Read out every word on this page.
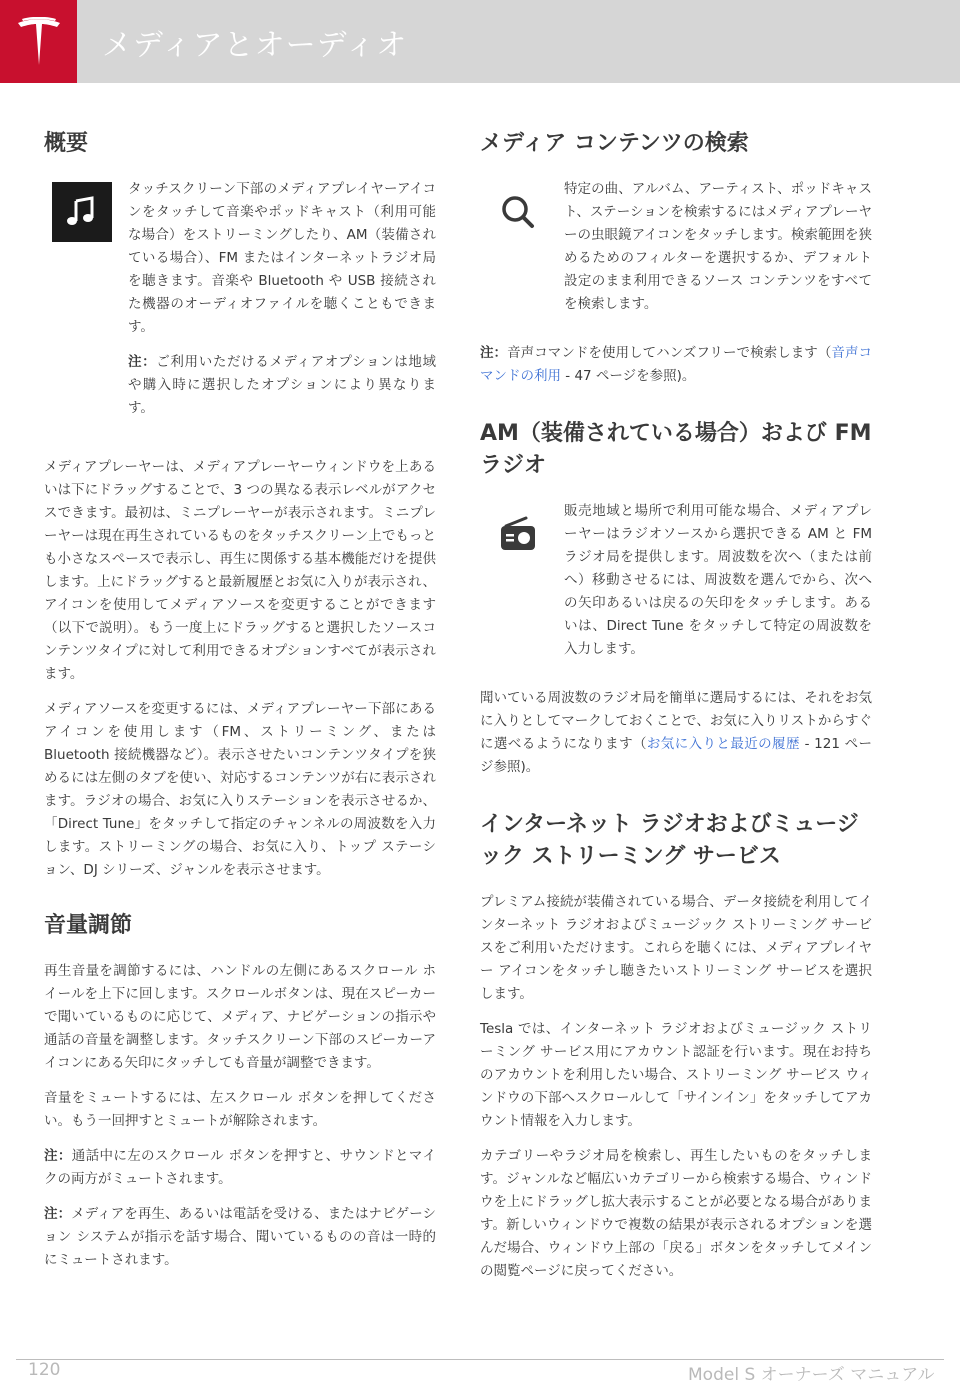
メディアとオーディオ
概要

タッチスクリーン下部のメディアプレイヤーアイコンをタッチして音楽やポッドキャスト（利用可能な場合）をストリーミングしたり、AM（装備されている場合）、FM またはインターネットラジオ局を聴きます。音楽や Bluetooth や USB 接続された機器のオーディオファイルを聴くこともできます。

注：ご利用いただけるメディアオプションは地域や購入時に選択したオプションにより異なります。

メディアプレーヤーは、メディアプレーヤーウィンドウを上あるいは下にドラッグすることで、3 つの異なる表示レベルがアクセスできます。最初は、ミニプレーヤーが表示されます。ミニプレーヤーは現在再生されているものをタッチスクリーン上でもっとも小さなスペースで表示し、再生に関係する基本機能だけを提供します。上にドラッグすると最新履歴とお気に入りが表示され、アイコンを使用してメディアソースを変更することができます（以下で説明）。もう一度上にドラッグすると選択したソースコンテンツタイプに対して利用できるオプションすべてが表示されます。

メディアソースを変更するには、メディアプレーヤー下部にあるアイコンを使用します（FM、ストリーミング、または Bluetooth 接続機器など）。表示させたいコンテンツタイプを狭めるには左側のタブを使い、対応するコンテンツが右に表示されます。ラジオの場合、お気に入りステーションを表示させるか、「Direct Tune」をタッチして指定のチャンネルの周波数を入力します。ストリーミングの場合、お気に入り、トップ ステーション、DJ シリーズ、ジャンルを表示させます。

音量調節

再生音量を調節するには、ハンドルの左側にあるスクロール ホイールを上下に回します。スクロールボタンは、現在スピーカーで聞いているものに応じて、メディア、ナビゲーションの指示や通話の音量を調整します。タッチスクリーン下部のスピーカーアイコンにある矢印にタッチしても音量が調整できます。

音量をミュートするには、左スクロール ボタンを押してください。もう一回押すとミュートが解除されます。

注：通話中に左のスクロール ボタンを押すと、サウンドとマイクの両方がミュートされます。

注：メディアを再生、あるいは電話を受ける、またはナビゲーション システムが指示を話す場合、聞いているものの音は一時的にミュートされます。

メディア コンテンツの検索

特定の曲、アルバム、アーティスト、ポッドキャスト、ステーションを検索するにはメディアプレーヤーの虫眼鏡アイコンをタッチします。検索範囲を狭めるためのフィルターを選択するか、デフォルト設定のまま利用できるソース コンテンツをすべてを検索します。

注：音声コマンドを使用してハンズフリーで検索します（音声コマンドの利用 - 47 ページを参照)。

AM（装備されている場合）および FM ラジオ

販売地域と場所で利用可能な場合、メディアプレーヤーはラジオソースから選択できる AM と FM ラジオ局を提供します。周波数を次へ（または前へ）移動させるには、周波数を選んでから、次への矢印あるいは戻るの矢印をタッチします。あるいは、Direct Tune をタッチして特定の周波数を入力します。

聞いている周波数のラジオ局を簡単に選局するには、それをお気に入りとしてマークしておくことで、お気に入りリストからすぐに選べるようになります（お気に入りと最近の履歴 - 121 ページ参照)。

インターネット ラジオおよびミュージック ストリーミング サービス

プレミアム接続が装備されている場合、データ接続を利用してインターネット ラジオおよびミュージック ストリーミング サービスをご利用いただけます。これらを聴くには、メディアプレイヤー アイコンをタッチし聴きたいストリーミング サービスを選択します。

Tesla では、インターネット ラジオおよびミュージック ストリーミング サービス用にアカウント認証を行います。現在お持ちのアカウントを利用したい場合、ストリーミング サービス ウィンドウの下部へスクロールして「サインイン」をタッチしてアカウント情報を入力します。

カテゴリーやラジオ局を検索し、再生したいものをタッチします。ジャンルなど幅広いカテゴリーから検索する場合、ウィンドウを上にドラッグし拡大表示することが必要となる場合があります。新しいウィンドウで複数の結果が表示されるオプションを選んだ場合、ウィンドウ上部の「戻る」ボタンをタッチしてメインの閲覧ページに戻ってください。

120	Model S オーナーズ マニュアル
